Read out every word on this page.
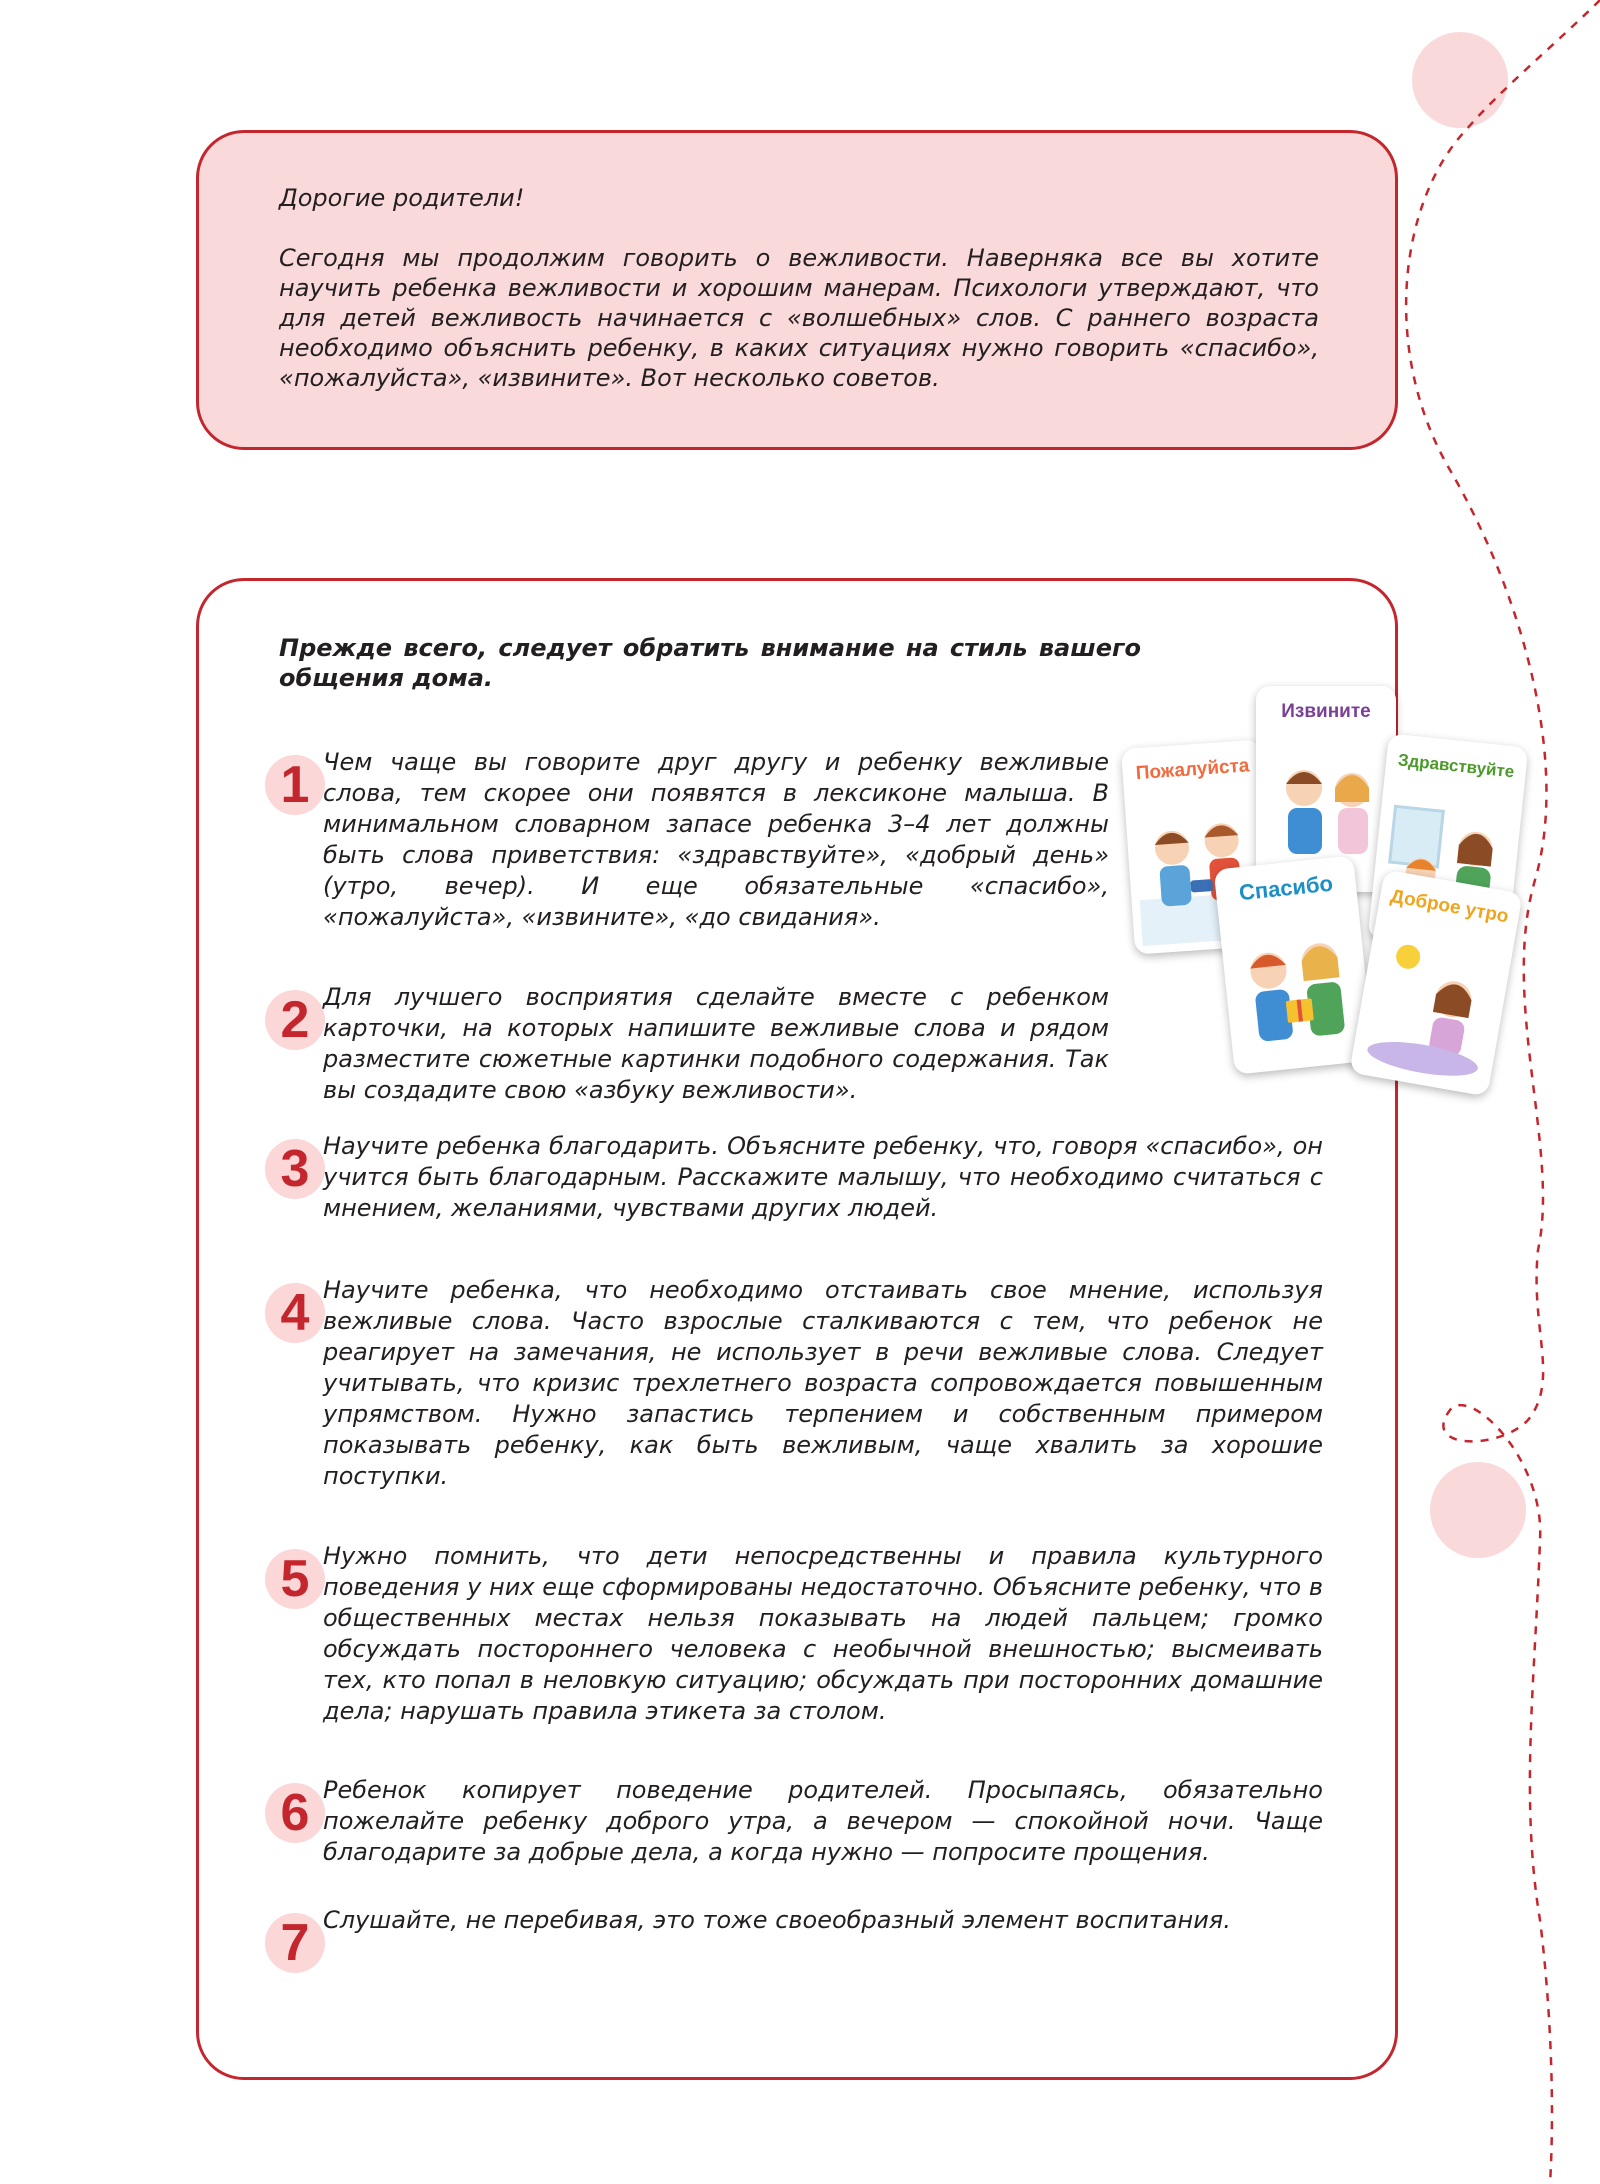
Дорогие родители!

Сегодня мы продолжим говорить о вежливости. Наверняка все вы хотите научить ребенка вежливости и хорошим манерам. Психологи утверждают, что для детей вежливость начинается с «волшебных» слов. С раннего возраста необходимо объяснить ребенку, в каких ситуациях нужно говорить «спасибо», «пожалуйста», «извините». Вот несколько советов.

Прежде всего, следует обратить внимание на стиль вашего общения дома.

1 Чем чаще вы говорите друг другу и ребенку вежливые слова, тем скорее они появятся в лексиконе малыша. В минимальном словарном запасе ребенка 3–4 лет должны быть слова приветствия: «здравствуйте», «добрый день» (утро, вечер). И еще обязательные «спасибо», «пожалуйста», «извините», «до свидания».

2 Для лучшего восприятия сделайте вместе с ребенком карточки, на которых напишите вежливые слова и рядом разместите сюжетные картинки подобного содержания. Так вы создадите свою «азбуку вежливости».

3 Научите ребенка благодарить. Объясните ребенку, что, говоря «спасибо», он учится быть благодарным. Расскажите малышу, что необходимо считаться с мнением, желаниями, чувствами других людей.

4 Научите ребенка, что необходимо отстаивать свое мнение, используя вежливые слова. Часто взрослые сталкиваются с тем, что ребенок не реагирует на замечания, не использует в речи вежливые слова. Следует учитывать, что кризис трехлетнего возраста сопровождается повышенным упрямством. Нужно запастись терпением и собственным примером показывать ребенку, как быть вежливым, чаще хвалить за хорошие поступки.

5 Нужно помнить, что дети непосредственны и правила культурного поведения у них еще сформированы недостаточно. Объясните ребенку, что в общественных местах нельзя показывать на людей пальцем; громко обсуждать постороннего человека с необычной внешностью; высмеивать тех, кто попал в неловкую ситуацию; обсуждать при посторонних домашние дела; нарушать правила этикета за столом.

6 Ребенок копирует поведение родителей. Просыпаясь, обязательно пожелайте ребенку доброго утра, а вечером — спокойной ночи. Чаще благодарите за добрые дела, а когда нужно — попросите прощения.

7 Слушайте, не перебивая, это тоже своеобразный элемент воспитания.

Пожалуйста
Извините
Здравствуйте
Спасибо	Доброе утро
